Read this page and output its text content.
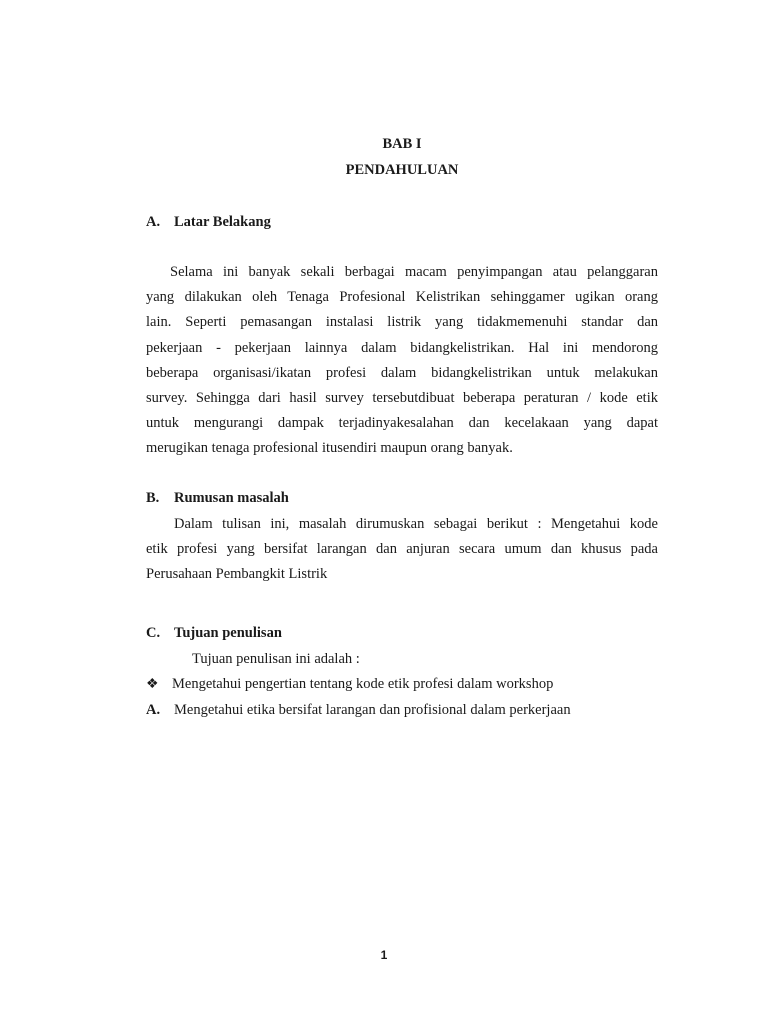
BAB I

PENDAHULUAN

A. Latar Belakang

Selama ini banyak sekali berbagai macam penyimpangan atau pelanggaran
yang dilakukan oleh Tenaga Profesional Kelistrikan sehinggamer ugikan orang
lain. Seperti pemasangan instalasi listrik yang tidakmemenuhi standar dan
pekerjaan - pekerjaan lainnya dalam bidangkelistrikan. Hal ini mendorong
beberapa organisasi/ikatan profesi dalam bidangkelistrikan untuk melakukan
survey. Sehingga dari hasil survey tersebutdibuat beberapa peraturan / kode etik
untuk mengurangi dampak terjadinyakesalahan dan kecelakaan yang dapat
merugikan tenaga profesional itusendiri maupun orang banyak.

B. Rumusan masalah

Dalam tulisan ini, masalah dirumuskan sebagai berikut : Mengetahui kode
etik profesi yang bersifat larangan dan anjuran secara umum dan khusus pada
Perusahaan Pembangkit Listrik

C. Tujuan penulisan

Tujuan penulisan ini adalah :

❖ Mengetahui pengertian tentang kode etik profesi dalam workshop

A. Mengetahui etika bersifat larangan dan profisional dalam perkerjaan

1
